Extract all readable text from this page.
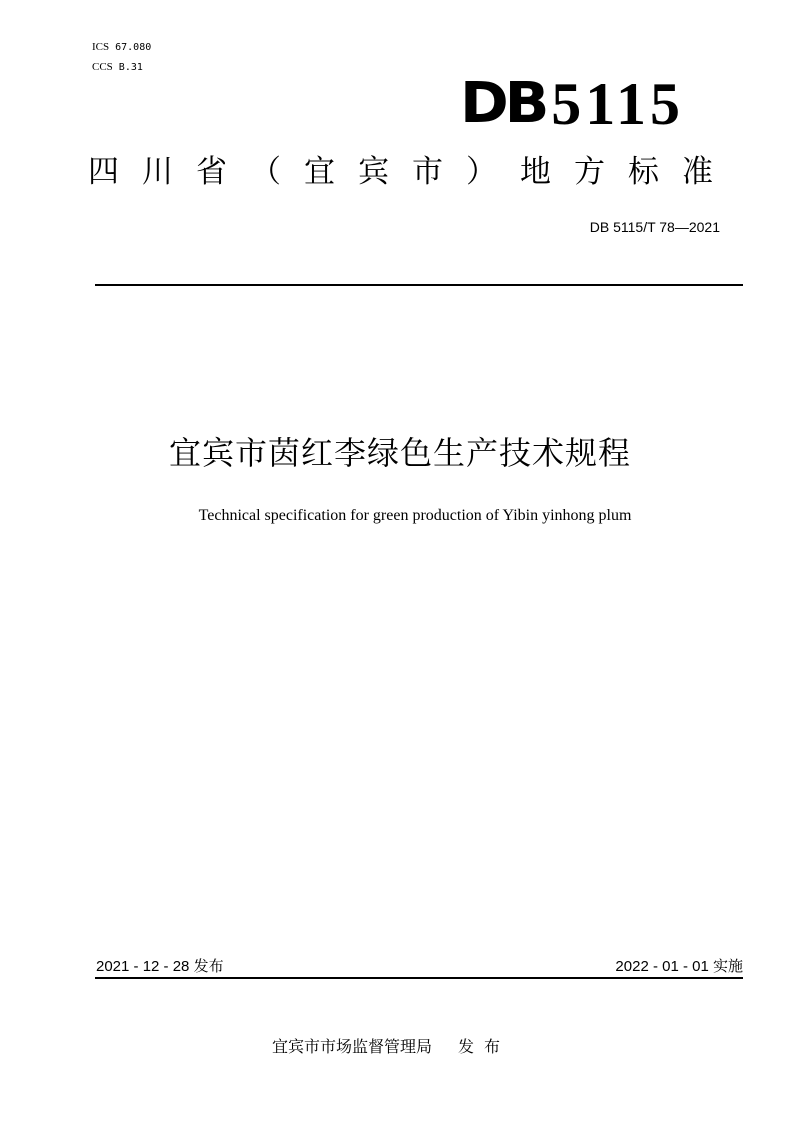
ICS 67.080
CCS B.31
DB 5115
四川省（宜宾市）地方标准
DB 5115/T 78—2021
宜宾市茵红李绿色生产技术规程
Technical specification for green production of Yibin yinhong plum
2021 - 12 - 28 发布	2022 - 01 - 01 实施
宜宾市市场监督管理局 发布
